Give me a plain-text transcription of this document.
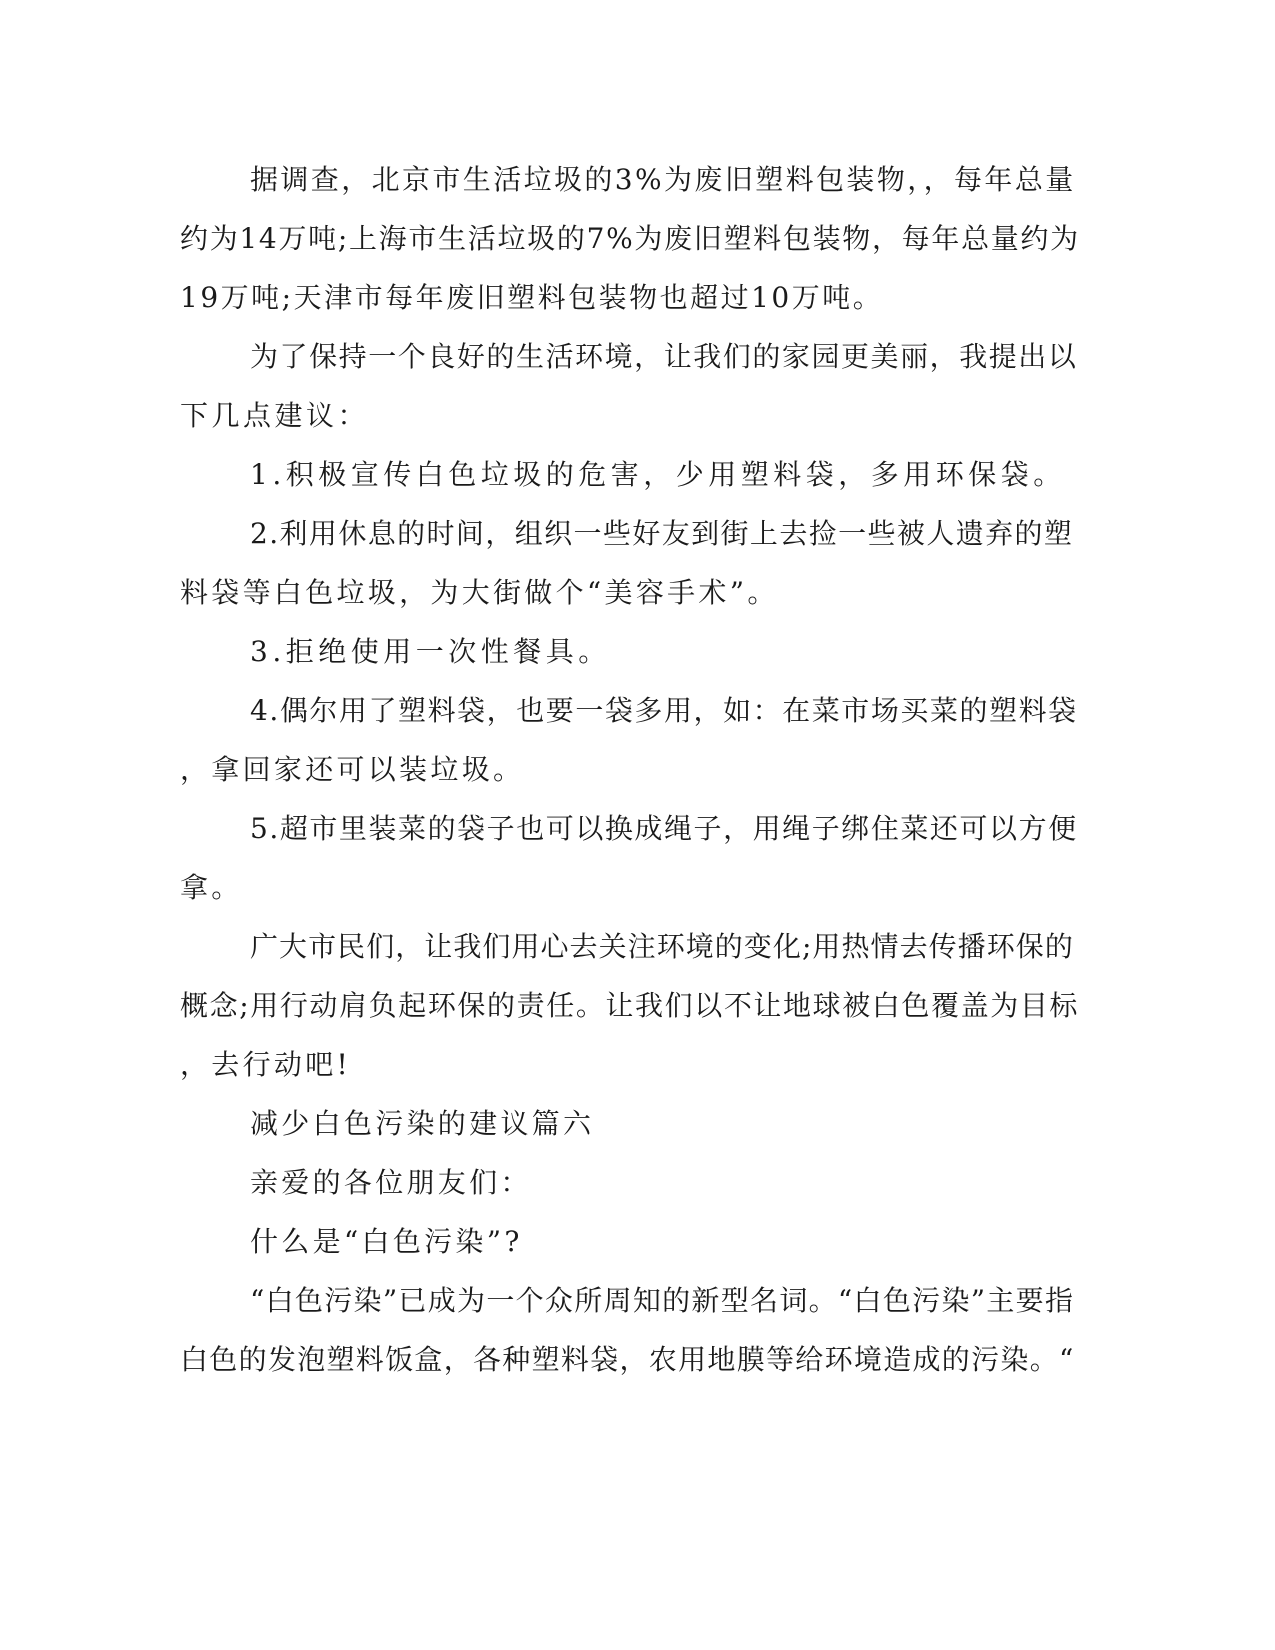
据调查，北京市生活垃圾的3%为废旧塑料包装物，，每年总量
约为14万吨;上海市生活垃圾的7%为废旧塑料包装物，每年总量约为
19万吨;天津市每年废旧塑料包装物也超过10万吨。
为了保持一个良好的生活环境，让我们的家园更美丽，我提出以
下几点建议：
1.积极宣传白色垃圾的危害，少用塑料袋，多用环保袋。
2.利用休息的时间，组织一些好友到街上去捡一些被人遗弃的塑
料袋等白色垃圾，为大街做个“美容手术”。
3.拒绝使用一次性餐具。
4.偶尔用了塑料袋，也要一袋多用，如：在菜市场买菜的塑料袋
，拿回家还可以装垃圾。
5.超市里装菜的袋子也可以换成绳子，用绳子绑住菜还可以方便
拿。
广大市民们，让我们用心去关注环境的变化;用热情去传播环保的
概念;用行动肩负起环保的责任。让我们以不让地球被白色覆盖为目标
，去行动吧!
减少白色污染的建议篇六
亲爱的各位朋友们：
什么是“白色污染”?
“白色污染”已成为一个众所周知的新型名词。“白色污染”主要指
白色的发泡塑料饭盒，各种塑料袋，农用地膜等给环境造成的污染。“
